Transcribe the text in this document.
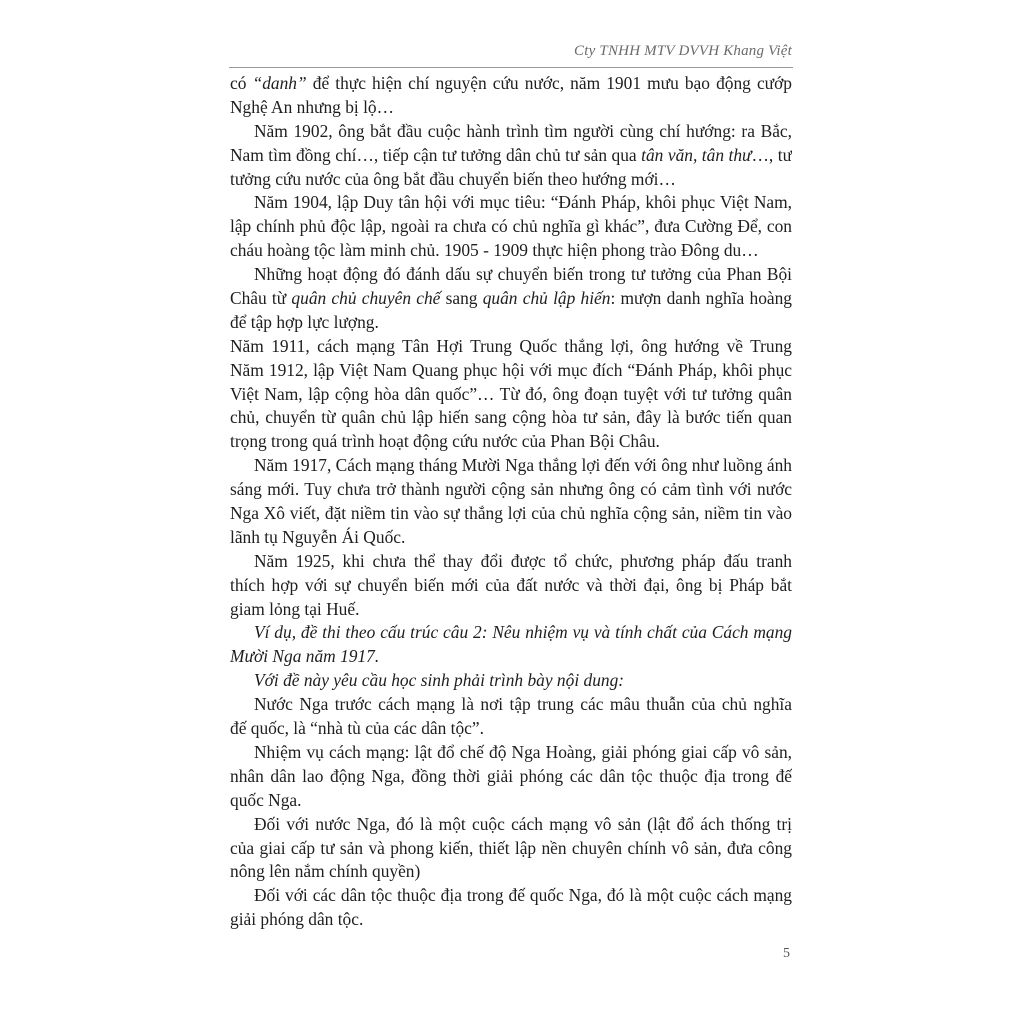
Cty TNHH MTV DVVH Khang Việt
có “danh” để thực hiện chí nguyện cứu nước, năm 1901 mưu bạo động cướp
Nghệ An nhưng bị lộ…
Năm 1902, ông bắt đầu cuộc hành trình tìm người cùng chí hướng: ra Bắc,
Nam tìm đồng chí…, tiếp cận tư tưởng dân chủ tư sản qua tân văn, tân thư…, tư
tưởng cứu nước của ông bắt đầu chuyển biến theo hướng mới…
Năm 1904, lập Duy tân hội với mục tiêu: “Đánh Pháp, khôi phục Việt Nam,
lập chính phủ độc lập, ngoài ra chưa có chủ nghĩa gì khác”, đưa Cường Để, con
cháu hoàng tộc làm minh chủ. 1905 - 1909 thực hiện phong trào Đông du…
Những hoạt động đó đánh dấu sự chuyển biến trong tư tưởng của Phan Bội
Châu từ quân chủ chuyên chế sang quân chủ lập hiến: mượn danh nghĩa hoàng
để tập hợp lực lượng.
Năm 1911, cách mạng Tân Hợi Trung Quốc thắng lợi, ông hướng về Trung
Năm 1912, lập Việt Nam Quang phục hội với mục đích “Đánh Pháp, khôi phục
Việt Nam, lập cộng hòa dân quốc”… Từ đó, ông đoạn tuyệt với tư tưởng quân
chủ, chuyển từ quân chủ lập hiến sang cộng hòa tư sản, đây là bước tiến quan
trọng trong quá trình hoạt động cứu nước của Phan Bội Châu.
Năm 1917, Cách mạng tháng Mười Nga thắng lợi đến với ông như luồng ánh
sáng mới. Tuy chưa trở thành người cộng sản nhưng ông có cảm tình với nước
Nga Xô viết, đặt niềm tin vào sự thắng lợi của chủ nghĩa cộng sản, niềm tin vào
lãnh tụ Nguyễn Ái Quốc.
Năm 1925, khi chưa thể thay đổi được tổ chức, phương pháp đấu tranh
thích hợp với sự chuyển biến mới của đất nước và thời đại, ông bị Pháp bắt
giam lỏng tại Huế.
Ví dụ, đề thi theo cấu trúc câu 2: Nêu nhiệm vụ và tính chất của Cách mạng
Mười Nga năm 1917.
Với đề này yêu cầu học sinh phải trình bày nội dung:
Nước Nga trước cách mạng là nơi tập trung các mâu thuẫn của chủ nghĩa
đế quốc, là “nhà tù của các dân tộc”.
Nhiệm vụ cách mạng: lật đổ chế độ Nga Hoàng, giải phóng giai cấp vô sản,
nhân dân lao động Nga, đồng thời giải phóng các dân tộc thuộc địa trong đế
quốc Nga.
Đối với nước Nga, đó là một cuộc cách mạng vô sản (lật đổ ách thống trị
của giai cấp tư sản và phong kiến, thiết lập nền chuyên chính vô sản, đưa công
nông lên nắm chính quyền)
Đối với các dân tộc thuộc địa trong đế quốc Nga, đó là một cuộc cách mạng
giải phóng dân tộc.
5
